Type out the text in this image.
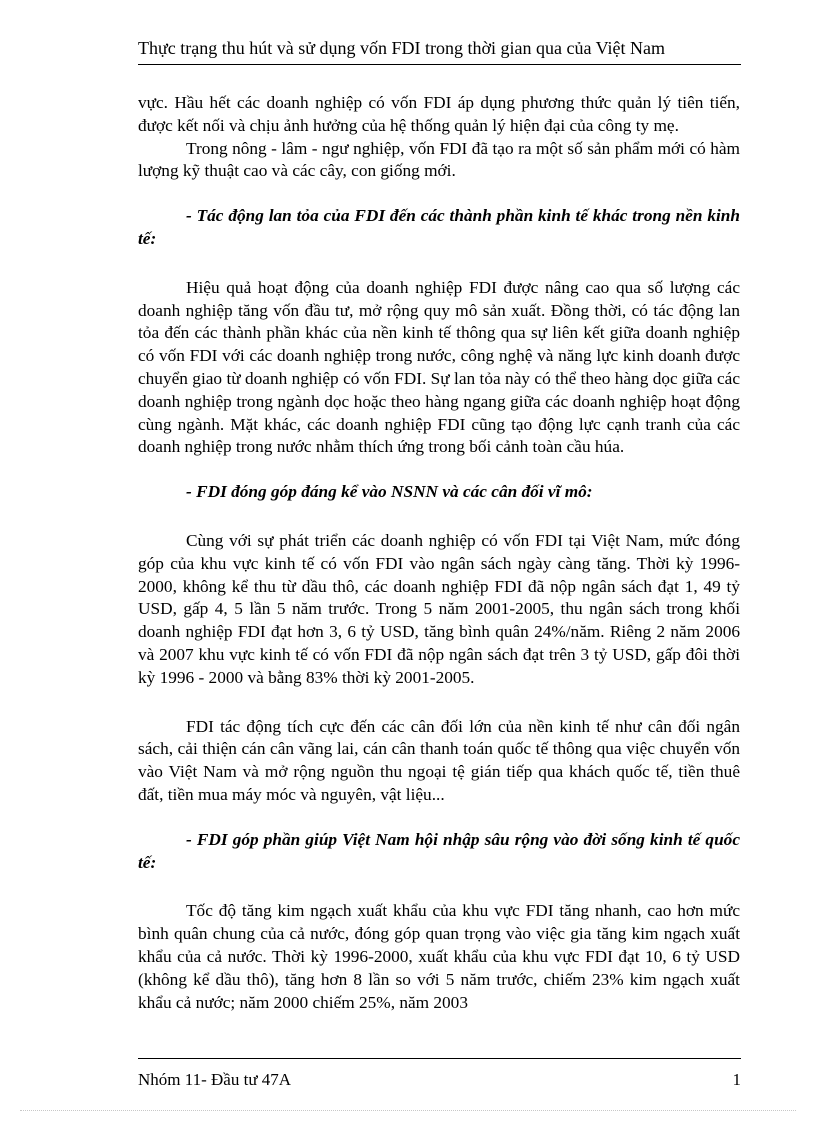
Thực trạng thu hút và sử dụng vốn FDI trong thời gian qua của Việt Nam

vực. Hầu hết các doanh nghiệp có vốn FDI áp dụng phương thức quản lý tiên tiến, được kết nối và chịu ảnh hưởng của hệ thống quản lý hiện đại của công ty mẹ.

Trong nông - lâm - ngư nghiệp, vốn FDI đã tạo ra một số sản phẩm mới có hàm lượng kỹ thuật cao và các cây, con giống mới.

- Tác động lan tỏa của FDI đến các thành phần kinh tế khác trong nền kinh tế:

Hiệu quả hoạt động của doanh nghiệp FDI được nâng cao qua số lượng các doanh nghiệp tăng vốn đầu tư, mở rộng quy mô sản xuất. Đồng thời, có tác động lan tỏa đến các thành phần khác của nền kinh tế thông qua sự liên kết giữa doanh nghiệp có vốn FDI với các doanh nghiệp trong nước, công nghệ và năng lực kinh doanh được chuyển giao từ doanh nghiệp có vốn FDI. Sự lan tỏa này có thể theo hàng dọc giữa các doanh nghiệp trong ngành dọc hoặc theo hàng ngang giữa các doanh nghiệp hoạt động cùng ngành. Mặt khác, các doanh nghiệp FDI cũng tạo động lực cạnh tranh của các doanh nghiệp trong nước nhằm thích ứng trong bối cảnh toàn cầu húa.

- FDI đóng góp đáng kể vào NSNN và các cân đối vĩ mô:

Cùng với sự phát triển các doanh nghiệp có vốn FDI tại Việt Nam, mức đóng góp của khu vực kinh tế có vốn FDI vào ngân sách ngày càng tăng. Thời kỳ 1996-2000, không kể thu từ dầu thô, các doanh nghiệp FDI đã nộp ngân sách đạt 1, 49 tỷ USD, gấp 4, 5 lần 5 năm trước. Trong 5 năm 2001-2005, thu ngân sách trong khối doanh nghiệp FDI đạt hơn 3, 6 tỷ USD, tăng bình quân 24%/năm. Riêng 2 năm 2006 và 2007 khu vực kinh tế có vốn FDI đã nộp ngân sách đạt trên 3 tỷ USD, gấp đôi thời kỳ 1996 - 2000 và bằng 83% thời kỳ 2001-2005.

FDI tác động tích cực đến các cân đối lớn của nền kinh tế như cân đối ngân sách, cải thiện cán cân vãng lai, cán cân thanh toán quốc tế thông qua việc chuyển vốn vào Việt Nam và mở rộng nguồn thu ngoại tệ gián tiếp qua khách quốc tế, tiền thuê đất, tiền mua máy móc và nguyên, vật liệu...

- FDI góp phần giúp Việt Nam hội nhập sâu rộng vào đời sống kinh tế quốc tế:

Tốc độ tăng kim ngạch xuất khẩu của khu vực FDI tăng nhanh, cao hơn mức bình quân chung của cả nước, đóng góp quan trọng vào việc gia tăng kim ngạch xuất khẩu của cả nước. Thời kỳ 1996-2000, xuất khẩu của khu vực FDI đạt 10, 6 tỷ USD (không kể dầu thô), tăng hơn 8 lần so với 5 năm trước, chiếm 23% kim ngạch xuất khẩu cả nước; năm 2000 chiếm 25%, năm 2003

Nhóm 11- Đầu tư 47A	1
